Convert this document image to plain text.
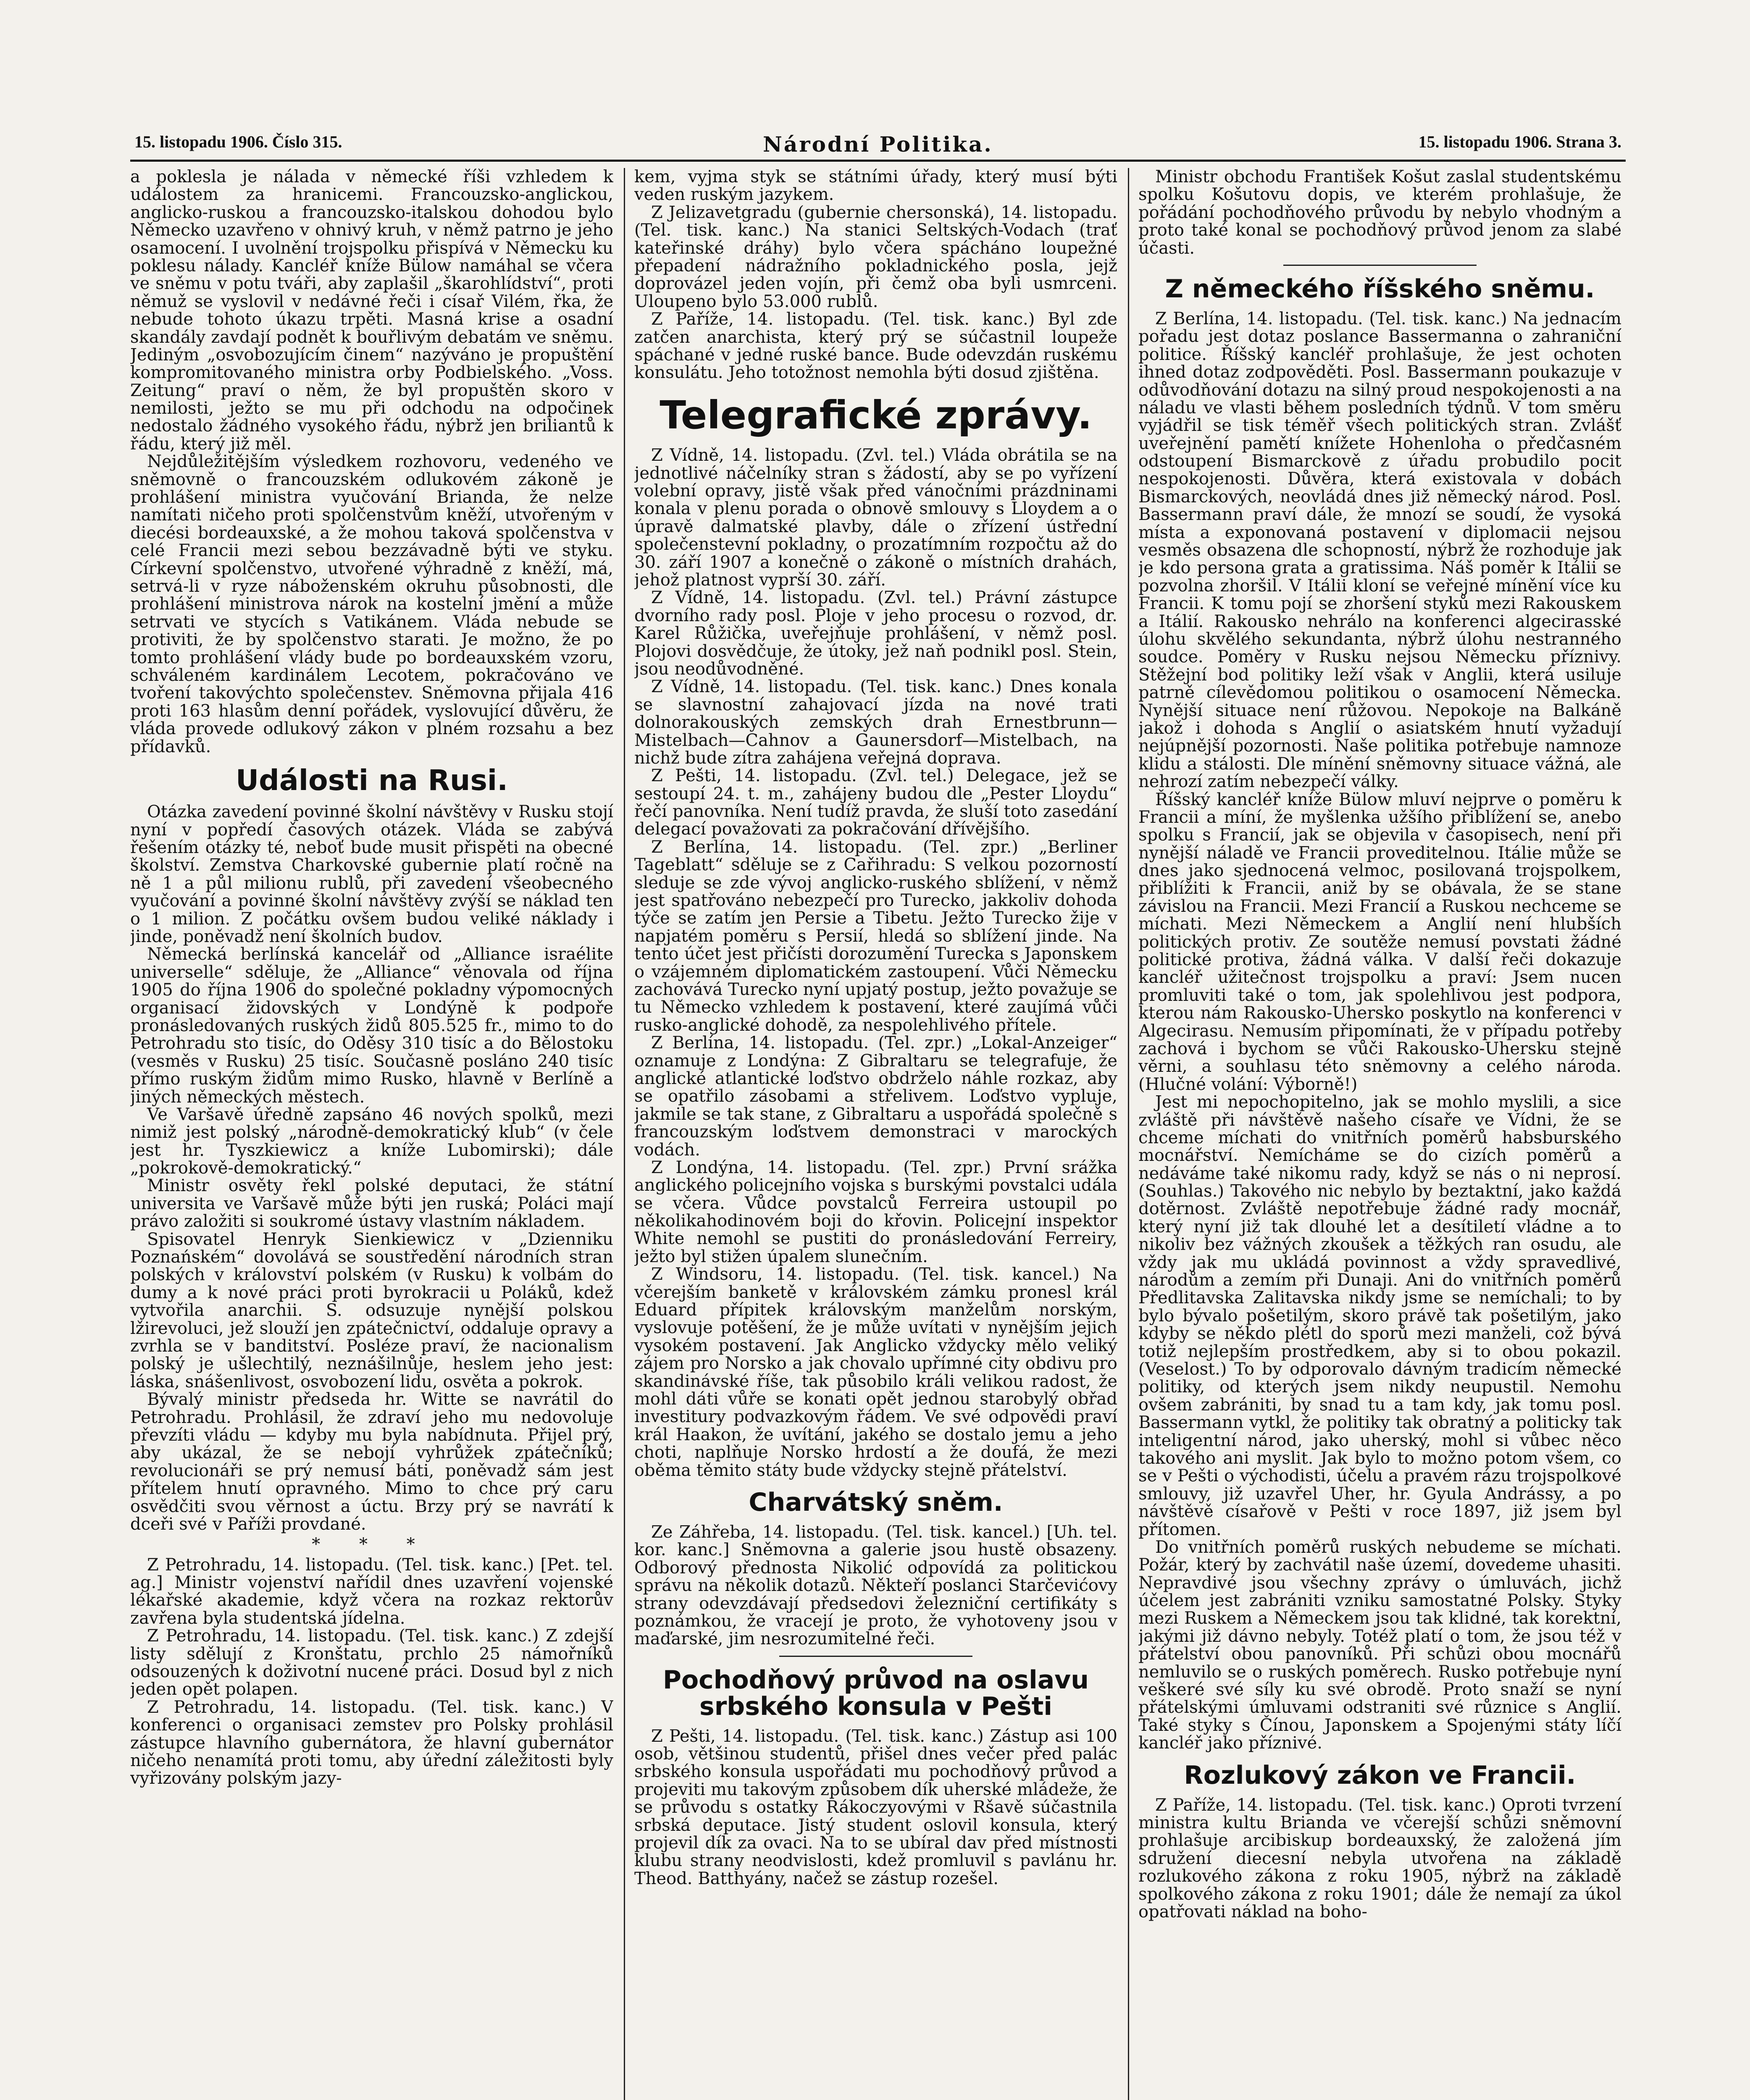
15. listopadu 1906. Číslo 315.	Národní Politika.	15. listopadu 1906. Strana 3.

a poklesla je nálada v německé říši vzhledem k událostem za hranicemi. Francouzsko-anglickou, anglicko-ruskou a francouzsko-italskou dohodou bylo Německo uzavřeno v ohnivý kruh, v němž patrno je jeho osamocení. I uvolnění trojspolku přispívá v Německu ku poklesu nálady. Kancléř kníže Bülow namáhal se včera ve sněmu v potu tváři, aby zaplašil „škarohlídství“, proti němuž se vyslovil v nedávné řeči i císař Vilém, řka, že nebude tohoto úkazu trpěti. Masná krise a osadní skandály zavdají podnět k bouřlivým debatám ve sněmu. Jediným „osvobozujícím činem“ nazývánо je propuštění kompromitovaného ministra orby Podbielského. „Voss. Zeitung“ praví o něm, že byl propuštěn skoro v nemilosti, ježto se mu při odchodu na odpočinek nedostalo žádného vysokého řádu, nýbrž jen briliantů k řádu, který již měl.

Nejdůležitějším výsledkem rozhovoru, vedeného ve sněmovně o francouzském odlukovém zákoně je prohlášení ministra vyučování Brianda, že nelze namítati ničeho proti spolčenstvům kněží, utvořeným v diecési bordeauxské, a že mohou taková spolčenstva v celé Francii mezi sebou bezzávadně býti ve styku. Církevní spolčenstvo, utvořené výhradně z kněží, má, setrvá-li v ryze náboženském okruhu působnosti, dle prohlášení ministrova nárok na kostelní jmění a může setrvati ve stycích s Vatikánem. Vláda nebude se protiviti, že by spolčenstvo starati. Je možno, že po tomto prohlášení vlády bude po bordeauxském vzoru, schváleném kardinálem Lecotem, pokračováno ve tvoření takovýchto společenstev. Sněmovna přijala 416 proti 163 hlasům denní pořádek, vyslovující důvěru, že vláda provede odlukový zákon v plném rozsahu a bez přídavků.

Události na Rusi.

Otázka zavedení povinné školní návštěvy v Rusku stojí nyní v popředí časových otázek. Vláda se zabývá řešením otázky té, neboť bude musit přispěti na obecné školství. Zemstva Charkovské gubernie platí ročně na ně 1 a půl milionu rublů, při zavedení všeobecného vyučování a povinné školní návštěvy zvýší se náklad ten o 1 milion. Z počátku ovšem budou veliké náklady i jinde, poněvadž není školních budov.

Německá berlínská kancelář od „Alliance israélite universelle“ sděluje, že „Alliance“ věnovala od října 1905 do října 1906 do společné pokladny výpomocných organisací židovských v Londýně k podpoře pronásledovaných ruských židů 805.525 fr., mimo to do Petrohradu sto tisíc, do Oděsy 310 tisíc a do Bělostoku (vesměs v Rusku) 25 tisíc. Současně posláno 240 tisíc přímo ruským židům mimo Rusko, hlavně v Berlíně a jiných německých městech.

Ve Varšavě úředně zapsáno 46 nových spolků, mezi nimiž jest polský „národně-demokratický klub“ (v čele jest hr. Tyszkiewicz a kníže Lubomirski); dále „pokrokově-demokratický.“

Ministr osvěty řekl polské deputaci, že státní universita ve Varšavě může býti jen ruská; Poláci mají právo založiti si soukromé ústavy vlastním nákladem.

Spisovatel Henryk Sienkiewicz v „Dzienniku Poznańském“ dovolává se soustředění národních stran polských v království polském (v Rusku) k volbám do dumy a k nové práci proti byrokracii u Poláků, kdež vytvořila anarchii. S. odsuzuje nynější polskou lžirevoluci, jež slouží jen zpátečnictví, oddaluje opravy a zvrhla se v banditství. Posléze praví, že nacionalism polský je ušlechtilý, neznášilnůje, heslem jeho jest: láska, snášenlivost, osvobození lidu, osvěta a pokrok.

Bývalý ministr předseda hr. Witte se navrátil do Petrohradu. Prohlásil, že zdraví jeho mu nedovoluje převzíti vládu — kdyby mu byla nabídnuta. Přijel prý, aby ukázal, že se nebojí vyhrůžek zpátečníků; revolucionáři se prý nemusí báti, poněvadž sám jest přítelem hnutí opravného. Mimo to chce prý caru osvědčiti svou věrnost a úctu. Brzy prý se navrátí k dceři své v Paříži provdané.

* * *

Z Petrohradu, 14. listopadu. (Tel. tisk. kanc.) [Pet. tel. ag.] Ministr vojenství nařídil dnes uzavření vojenské lékařské akademie, když včera na rozkaz rektorův zavřena byla studentská jídelna.

Z Petrohradu, 14. listopadu. (Tel. tisk. kanc.) Z zdejší listy sdělují z Kronštatu, prchlo 25 námořníků odsouzených k doživotní nucené práci. Dosud byl z nich jeden opět polapen.

Z Petrohradu, 14. listopadu. (Tel. tisk. kanc.) V konferenci o organisaci zemstev pro Polsky prohlásil zástupce hlavního gubernátora, že hlavní gubernátor ničeho nenamítá proti tomu, aby úřední záležitosti byly vyřizovány polským jazy-

kem, vyjma styk se státními úřady, který musí býti veden ruským jazykem.

Z Jelizavetgradu (gubernie chersonská), 14. listopadu. (Tel. tisk. kanc.) Na stanici Seltských-Vodach (trať kateřinské dráhy) bylo včera spácháno loupežné přepadení nádražního pokladnického posla, jejž doprovázel jeden vojín, při čemž oba byli usmrceni. Uloupeno bylo 53.000 rublů.

Z Paříže, 14. listopadu. (Tel. tisk. kanc.) Byl zde zatčen anarchista, který prý se súčastnil loupeže spáchané v jedné ruské bance. Bude odevzdán ruskému konsulátu. Jeho totožnost nemohla býti dosud zjištěna.

Telegrafické zprávy.

Z Vídně, 14. listopadu. (Zvl. tel.) Vláda obrátila se na jednotlivé náčelníky stran s žádostí, aby se po vyřízení volební opravy, jistě však před vánočními prázdninami konala v plenu porada o obnově smlouvy s Lloydem a o úpravě dalmatské plavby, dále o zřízení ústřední společenstevní pokladny, o prozatímním rozpočtu až do 30. září 1907 a konečně o zákoně o místních drahách, jehož platnost vyprší 30. září.

Z Vídně, 14. listopadu. (Zvl. tel.) Právní zástupce dvorního rady posl. Ploje v jeho procesu o rozvod, dr. Karel Růžička, uveřejňuje prohlášení, v němž posl. Plojovi dosvědčuje, že útoky, jež naň podnikl posl. Stein, jsou neodůvodněné.

Z Vídně, 14. listopadu. (Tel. tisk. kanc.) Dnes konala se slavnostní zahajovací jízda na nové trati dolnorakouských zemských drah Ernestbrunn—Mistelbach—Cahnov a Gaunersdorf—Mistelbach, na nichž bude zítra zahájena veřejná doprava.

Z Pešti, 14. listopadu. (Zvl. tel.) Delegace, jež se sestoupí 24. t. m., zahájeny budou dle „Pester Lloydu“ řečí panovníka. Není tudíž pravda, že sluší toto zasedání delegací považovati za pokračování dřívějšího.

Z Berlína, 14. listopadu. (Tel. zpr.) „Berliner Tageblatt“ sděluje se z Cařihradu: S velkou pozorností sleduje se zde vývoj anglicko-ruského sblížení, v němž jest spatřováno nebezpečí pro Turecko, jakkoliv dohoda týče se zatím jen Persie a Tibetu. Ježto Turecko žije v napjatém poměru s Persií, hledá so sblížení jinde. Na tento účet jest přičísti dorozumění Turecka s Japonskem o vzájemném diplomatickém zastoupení. Vůči Německu zachovává Turecko nyní upjatý postup, ježto považuje se tu Německo vzhledem k postavení, které zaujímá vůči rusko-anglické dohodě, za nespolehlivého přítele.

Z Berlína, 14. listopadu. (Tel. zpr.) „Lokal-Anzeiger“ oznamuje z Londýna: Z Gibraltaru se telegrafuje, že anglické atlantické loďstvo obdrželo náhle rozkaz, aby se opatřilo zásobami a střelivem. Loďstvo vypluje, jakmile se tak stane, z Gibraltaru a uspořádá společně s francouzským loďstvem demonstraci v marockých vodách.

Z Londýna, 14. listopadu. (Tel. zpr.) První srážka anglického policejního vojska s burskými povstalci udála se včera. Vůdce povstalců Ferreira ustoupil po několikahodinovém boji do křovin. Policejní inspektor White nemohl se pustiti do pronásledování Ferreiry, ježto byl stižen úpalem slunečním.

Z Windsoru, 14. listopadu. (Tel. tisk. kancel.) Na včerejším banketě v královském zámku pronesl král Eduard přípitek královským manželům norským, vyslovuje potěšení, že je může uvítati v nynějším jejich vysokém postavení. Jak Anglicko vždycky mělo veliký zájem pro Norsko a jak chovalo upřímné city obdivu pro skandinávské říše, tak působilo králi velikou radost, že mohl dáti vůře se konati opět jednou starobylý obřad investitury podvazkovým řádem. Ve své odpovědi praví král Haakon, že uvítání, jakého se dostalo jemu a jeho choti, naplňuje Norsko hrdostí a že doufá, že mezi oběma těmito státy bude vždycky stejně přátelství.

Charvátský sněm.

Ze Záhřeba, 14. listopadu. (Tel. tisk. kancel.) [Uh. tel. kor. kanc.] Sněmovna a galerie jsou hustě obsazeny. Odborový přednosta Nikolić odpovídá za politickou správu na několik dotazů. Někteří poslanci Starčevićovy strany odevzdávají předsedovi železniční certifikáty s poznámkou, že vracejí je proto, že vyhotoveny jsou v maďarské, jim nesrozumitelné řeči.

Pochodňový průvod na oslavu srbského konsula v Pešti

Z Pešti, 14. listopadu. (Tel. tisk. kanc.) Zástup asi 100 osob, většinou studentů, přišel dnes večer před palác srbského konsula uspořádati mu pochodňový průvod a projeviti mu takovým způsobem dík uherské mládeže, že se průvodu s ostatky Rákoczyovými v Ršavě súčastnila srbská deputace. Jistý student oslovil konsula, který projevil dík za ovaci. Na to se ubíral dav před místnosti klubu strany neodvislosti, kdež promluvil s pavlánu hr. Theod. Batthyány, načež se zástup rozešel.

Ministr obchodu František Košut zaslal studentskému spolku Košutovu dopis, ve kterém prohlašuje, že pořádání pochodňového průvodu by nebylo vhodným a proto také konal se pochodňový průvod jenom za slabé účasti.

Z německého říšského sněmu.

Z Berlína, 14. listopadu. (Tel. tisk. kanc.) Na jednacím pořadu jest dotaz poslance Bassermanna o zahraniční politice. Říšský kancléř prohlašuje, že jest ochoten ihned dotaz zodpověděti. Posl. Bassermann poukazuje v odůvodňování dotazu na silný proud nespokojenosti a na náladu ve vlasti během posledních týdnů. V tom směru vyjádřil se tisk téměř všech politických stran. Zvlášť uveřejnění pamětí knížete Hohenloha o předčasném odstoupení Bismarckově z úřadu probudilo pocit nespokojenosti. Důvěra, která existovala v dobách Bismarckových, neovládá dnes již německý národ. Posl. Bassermann praví dále, že mnozí se soudí, že vysoká místa a exponovaná postavení v diplomacii nejsou vesměs obsazena dle schopností, nýbrž že rozhoduje jak je kdo persona grata a gratissima. Náš poměr k Itálii se pozvolna zhoršil. V Itálii kloní se veřejné mínění více ku Francii. K tomu pojí se zhoršení styků mezi Rakouskem a Itálií. Rakousko nehrálo na konferenci algecirasské úlohu skvělého sekundanta, nýbrž úlohu nestranného soudce. Poměry v Rusku nejsou Německu příznivy. Stěžejní bod politiky leží však v Anglii, která usiluje patrně cílevědomou politikou o osamocení Německa. Nynější situace není růžovou. Nepokoje na Balkáně jakož i dohoda s Anglií o asiatském hnutí vyžadují nejúpnější pozornosti. Naše politika potřebuje namnoze klidu a stálosti. Dle mínění sněmovny situace vážná, ale nehrozí zatím nebezpečí války.

Říšský kancléř kníže Bülow mluví nejprve o poměru k Francii a míní, že myšlenka užšího přiblížení se, anebo spolku s Francií, jak se objevila v časopisech, není při nynější náladě ve Francii proveditelnou. Itálie může se dnes jako sjednocená velmoc, posilovaná trojspolkem, přiblížiti k Francii, aniž by se obávala, že se stane závislou na Francii. Mezi Francií a Ruskou nechceme se míchati. Mezi Německem a Anglií není hlubších politických protiv. Ze soutěže nemusí povstati žádné politické protiva, žádná válka. V další řeči dokazuje kancléř užitečnost trojspolku a praví: Jsem nucen promluviti také o tom, jak spolehlivou jest podpora, kterou nám Rakousko-Uhersko poskytlo na konferenci v Algecirasu. Nemusím připomínati, že v případu potřeby zachová i bychom se vůči Rakousko-Uhersku stejně věrni, a souhlasu této sněmovny a celého národa. (Hlučné volání: Výborně!)

Jest mi nepochopitelno, jak se mohlo myslili, a sice zvláště při návštěvě našeho císaře ve Vídni, že se chceme míchati do vnitřních poměrů habsburského mocnářství. Nemícháme se do cizích poměrů a nedáváme také nikomu rady, když se nás o ni neprosí. (Souhlas.) Takového nic nebylo by beztaktní, jako každá dotěrnost. Zvláště nepotřebuje žádné rady mocnář, který nyní již tak dlouhé let a desítiletí vládne a to nikoliv bez vážných zkoušek a těžkých ran osudu, ale vždy jak mu ukládá povinnost a vždy spravedlivé, národům a zemím při Dunaji. Ani do vnitřních poměrů Předlitavska Zalitavska nikdy jsme se nemíchali; to by bylo bývalo pošetilým, skoro právě tak pošetilým, jako kdyby se někdo plétl do sporů mezi manželi, což bývá totiž nejlepším prostředkem, aby si to obou pokazil. (Veselost.) To by odporovalo dávným tradicím německé politiky, od kterých jsem nikdy neupustil. Nemohu ovšem zabrániti, by snad tu a tam kdy, jak tomu posl. Bassermann vytkl, že politiky tak obratný a politicky tak inteligentní národ, jako uherský, mohl si vůbec něco takového ani myslit. Jak bylo to možno potom všem, co se v Pešti o východisti, účelu a pravém rázu trojspolkové smlouvy, již uzavřel Uher, hr. Gyula Andrássy, a po návštěvě císařově v Pešti v roce 1897, již jsem byl přítomen.

Do vnitřních poměrů ruských nebudeme se míchati. Požár, který by zachvátil naše území, dovedeme uhasiti. Nepravdivé jsou všechny zprávy o úmluvách, jichž účelem jest zabrániti vzniku samostatné Polsky. Styky mezi Ruskem a Německem jsou tak klidné, tak korektní, jakými již dávno nebyly. Totéž platí o tom, že jsou též v přátelství obou panovníků. Při schůzi obou mocnářů nemluvilo se o ruských poměrech. Rusko potřebuje nyní veškeré své síly ku své obrodě. Proto snaží se nyní přátelskými úmluvami odstraniti své různice s Anglií. Také styky s Čínou, Japonskem a Spojenými státy líčí kancléř jako příznivé.

Rozlukový zákon ve Francii.

Z Paříže, 14. listopadu. (Tel. tisk. kanc.) Oproti tvrzení ministra kultu Brianda ve včerejší schůzi sněmovní prohlašuje arcibiskup bordeauxský, že založená jím sdružení diecesní nebyla utvořena na základě rozlukového zákona z roku 1905, nýbrž na základě spolkového zákona z roku 1901; dále že nemají za úkol opatřovati náklad na boho-
